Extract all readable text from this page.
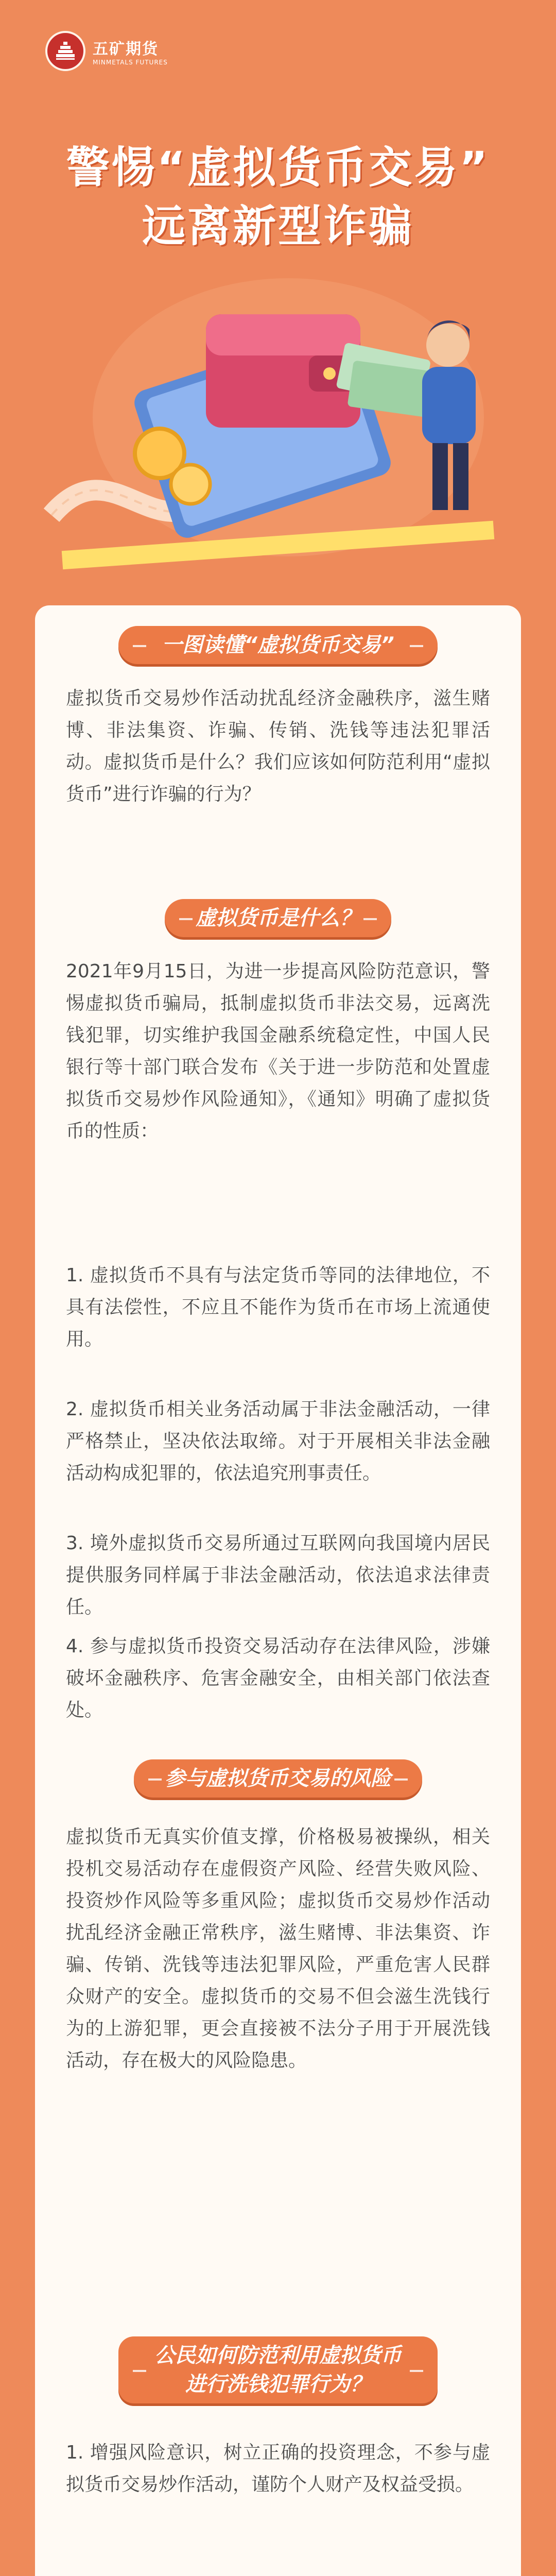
五矿期货
MINMETALS FUTURES
警惕“虚拟货币交易”
远离新型诈骗
一图读懂“虚拟货币交易”

虚拟货币交易炒作活动扰乱经济金融秩序，滋生赌博、非法集资、诈骗、传销、洗钱等违法犯罪活动。虚拟货币是什么？我们应该如何防范利用“虚拟货币”进行诈骗的行为？

虚拟货币是什么？

2021年9月15日，为进一步提高风险防范意识，警惕虚拟货币骗局，抵制虚拟货币非法交易，远离洗钱犯罪，切实维护我国金融系统稳定性，中国人民银行等十部门联合发布《关于进一步防范和处置虚拟货币交易炒作风险通知》，《通知》明确了虚拟货币的性质：

1. 虚拟货币不具有与法定货币等同的法律地位，不具有法偿性，不应且不能作为货币在市场上流通使用。

2. 虚拟货币相关业务活动属于非法金融活动，一律严格禁止，坚决依法取缔。对于开展相关非法金融活动构成犯罪的，依法追究刑事责任。

3. 境外虚拟货币交易所通过互联网向我国境内居民提供服务同样属于非法金融活动，依法追求法律责任。

4. 参与虚拟货币投资交易活动存在法律风险，涉嫌破坏金融秩序、危害金融安全，由相关部门依法查处。

参与虚拟货币交易的风险

虚拟货币无真实价值支撑，价格极易被操纵，相关投机交易活动存在虚假资产风险、经营失败风险、投资炒作风险等多重风险；虚拟货币交易炒作活动扰乱经济金融正常秩序，滋生赌博、非法集资、诈骗、传销、洗钱等违法犯罪风险，严重危害人民群众财产的安全。虚拟货币的交易不但会滋生洗钱行为的上游犯罪，更会直接被不法分子用于开展洗钱活动，存在极大的风险隐患。

公民如何防范利用虚拟货币
进行洗钱犯罪行为？

1. 增强风险意识，树立正确的投资理念，不参与虚拟货币交易炒作活动，谨防个人财产及权益受损。
